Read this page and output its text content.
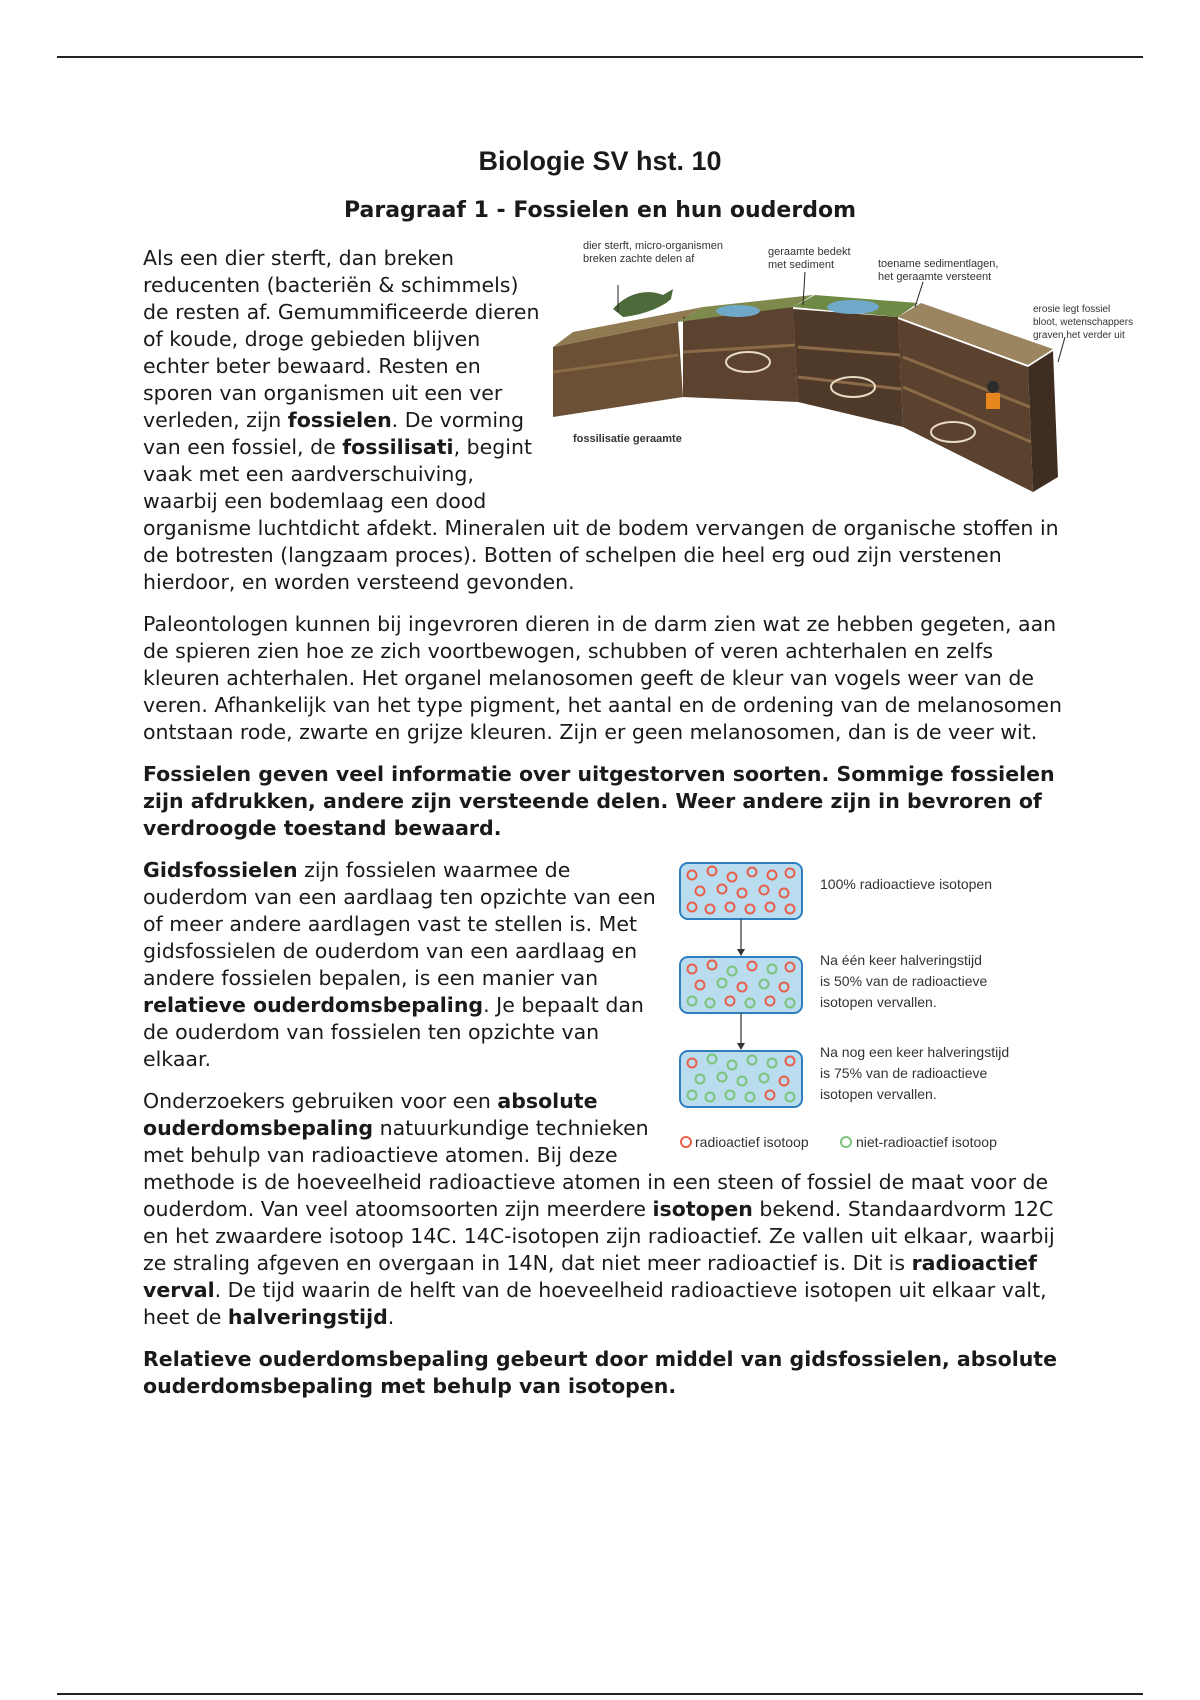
Biologie SV hst. 10
Paragraaf 1 - Fossielen en hun ouderdom
dier sterft, micro-organismen
breken zachte delen af
geraamte bedekt
met sediment	toename sedimentlagen,
het geraamte versteent
erosie legt fossiel
bloot, wetenschappers
graven het verder uit
fossilisatie geraamte

Als een dier sterft, dan breken reducenten (bacteriën & schimmels) de resten af. Gemummificeerde dieren of koude, droge gebieden blijven echter beter bewaard. Resten en sporen van organismen uit een ver verleden, zijn fossielen. De vorming van een fossiel, de fossilisati, begint vaak met een aardverschuiving, waarbij een bodemlaag een dood organisme luchtdicht afdekt. Mineralen uit de bodem vervangen de organische stoffen in de botresten (langzaam proces). Botten of schelpen die heel erg oud zijn verstenen hierdoor, en worden versteend gevonden.

Paleontologen kunnen bij ingevroren dieren in de darm zien wat ze hebben gegeten, aan de spieren zien hoe ze zich voortbewogen, schubben of veren achterhalen en zelfs kleuren achterhalen. Het organel melanosomen geeft de kleur van vogels weer van de veren. Afhankelijk van het type pigment, het aantal en de ordening van de melanosomen ontstaan rode, zwarte en grijze kleuren. Zijn er geen melanosomen, dan is de veer wit.

Fossielen geven veel informatie over uitgestorven soorten. Sommige fossielen zijn afdrukken, andere zijn versteende delen. Weer andere zijn in bevroren of verdroogde toestand bewaard.

100% radioactieve isotopen
Na één keer halveringstijd
is 50% van de radioactieve
isotopen vervallen.
Na nog een keer halveringstijd
is 75% van de radioactieve
isotopen vervallen.
radioactief isotoop	niet-radioactief isotoop

Gidsfossielen zijn fossielen waarmee de ouderdom van een aardlaag ten opzichte van een of meer andere aardlagen vast te stellen is. Met gidsfossielen de ouderdom van een aardlaag en andere fossielen bepalen, is een manier van relatieve ouderdomsbepaling. Je bepaalt dan de ouderdom van fossielen ten opzichte van elkaar.

Onderzoekers gebruiken voor een absolute ouderdomsbepaling natuurkundige technieken met behulp van radioactieve atomen. Bij deze methode is de hoeveelheid radioactieve atomen in een steen of fossiel de maat voor de ouderdom. Van veel atoomsoorten zijn meerdere isotopen bekend. Standaardvorm 12C en het zwaardere isotoop 14C. 14C-isotopen zijn radioactief. Ze vallen uit elkaar, waarbij ze straling afgeven en overgaan in 14N, dat niet meer radioactief is. Dit is radioactief verval. De tijd waarin de helft van de hoeveelheid radioactieve isotopen uit elkaar valt, heet de halveringstijd.

Relatieve ouderdomsbepaling gebeurt door middel van gidsfossielen, absolute ouderdomsbepaling met behulp van isotopen.
